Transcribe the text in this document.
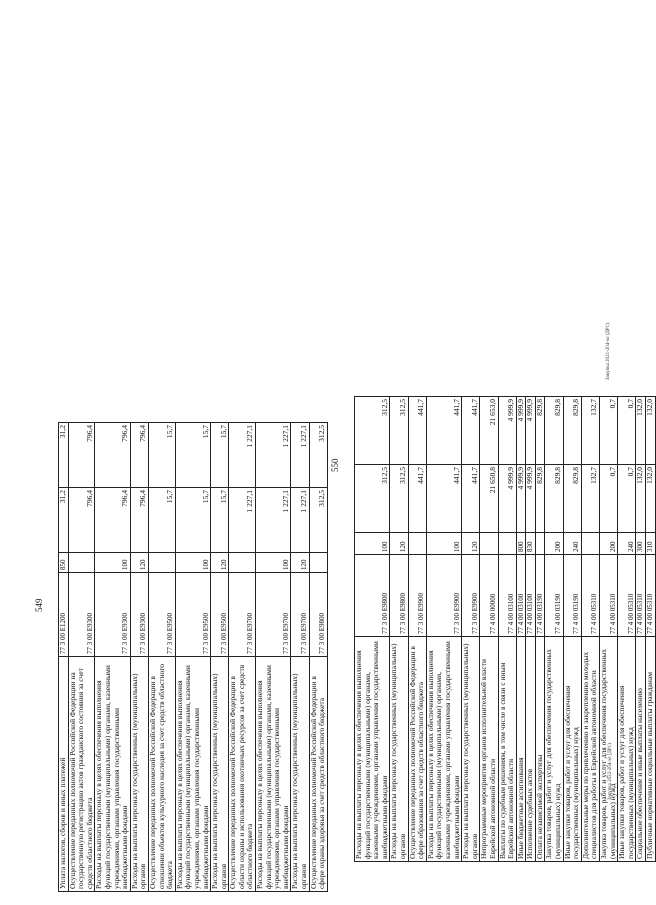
549
Уплата налогов, сборов и иных платежей	77 3 00 E1200	850	31,2	31,2
Осуществление переданных полномочий Российской Федерации на государственную регистрацию актов гражданского состояния за счет средств областного бюджета	77 3 00 E9300		796,4	796,4
Расходы на выплаты персоналу в целях обеспечения выполнения функций государственными (муниципальными) органами, казенными учреждениями, органами управления государственными внебюджетными фондами	77 3 00 E9300	100	796,4	796,4
Расходы на выплаты персоналу государственных (муниципальных) органов	77 3 00 E9300	120	796,4	796,4
Осуществление переданных полномочий Российской Федерации в отношении объектов культурного наследия за счет средств областного бюджета	77 3 00 E9500		15,7	15,7
Расходы на выплаты персоналу в целях обеспечения выполнения функций государственными (муниципальными) органами, казенными учреждениями, органами управления государственными внебюджетными фондами	77 3 00 E9500	100	15,7	15,7
Расходы на выплаты персоналу государственных (муниципальных) органов	77 3 00 E9500	120	15,7	15,7
Осуществление переданных полномочий Российской Федерации в области охраны и использования охотничьих ресурсов за счет средств областного бюджета	77 3 00 E9700		1 227,1	1 227,1
Расходы на выплаты персоналу в целях обеспечения выполнения функций государственными (муниципальными) органами, казенными учреждениями, органами управления государственными внебюджетными фондами	77 3 00 E9700	100	1 227,1	1 227,1
Расходы на выплаты персоналу государственных (муниципальных) органов	77 3 00 E9700	120	1 227,1	1 227,1
Осуществление переданных полномочий Российской Федерации в сфере охраны здоровья за счет средств областного бюджета	77 3 00 E9800		312,5	312,5
550
Расходы на выплаты персоналу в целях обеспечения выполнения функций государственными (муниципальными) органами, казенными учреждениями, органами управления государственными внебюджетными фондами	77 3 00 E9800	100	312,5	312,5
Расходы на выплаты персоналу государственных (муниципальных) органов	77 3 00 E9800	120	312,5	312,5
Осуществление переданных полномочий Российской Федерации в сфере образования за счет средств областного бюджета	77 3 00 E9900		441,7	441,7
Расходы на выплаты персоналу в целях обеспечения выполнения функций государственными (муниципальными) органами, казенными учреждениями, органами управления государственными внебюджетными фондами	77 3 00 E9900	100	441,7	441,7
Расходы на выплаты персоналу государственных (муниципальных) органов	77 3 00 E9900	120	441,7	441,7
Непрограммные мероприятия органов исполнительной власти Еврейской автономной области	77 4 00 00000		21 650,8	21 653,0
Выплаты по судебным решениям, в том числе в связи с иным Еврейской автономной области	77 4 00 03100		4 999,9	4 999,9
Иные бюджетные ассигнования	77 4 00 03100	800	4 999,9	4 999,9
Исполнение судебных актов	77 4 00 03100	830	4 999,9	4 999,9
Оплата независимой экспертизы	77 4 00 03190		829,8	829,8
Закупка товаров, работ и услуг для обеспечения государственных (муниципальных) нужд	77 4 00 03190	200	829,8	829,8
Иные закупки товаров, работ и услуг для обеспечения государственных (муниципальных) нужд	77 4 00 03190	240	829,8	829,8
Дополнительные меры по привлечению и закреплению молодых специалистов для работы в Еврейской автономной области	77 4 00 05310		132,7	132,7
Закупка товаров, работ и услуг для обеспечения государственных (муниципальных) нужд	77 4 00 05310	200	0,7	0,7
Иные закупки товаров, работ и услуг для обеспечения государственных (муниципальных) нужд	77 4 00 05310	240	0,7	0,7
Социальное обеспечение и иные выплаты населению	77 4 00 05310	300	132,0	132,0
Публичные нормативные социальные выплаты гражданам	77 4 00 05310	310	132,0	132,0
Закупка 2021-204-эл (ДР1)
Закупка 2022-204-эл (ДР1)
